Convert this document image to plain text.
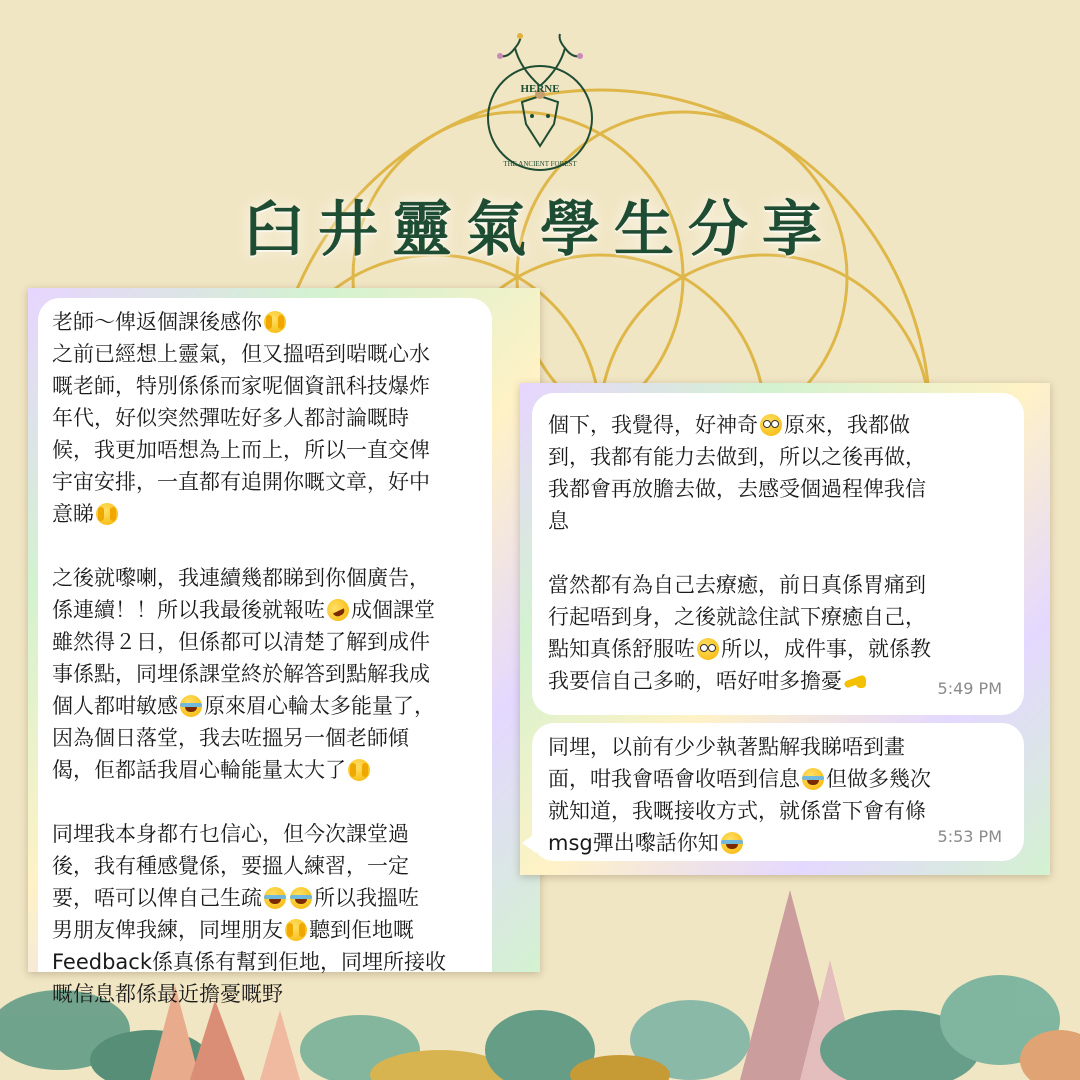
HERNE
THE ANCIENT FOREST
臼井靈氣學生分享
老師～俾返個課後感你
之前已經想上靈氣，但又搵唔到啱嘅心水
嘅老師，特別係係而家呢個資訊科技爆炸
年代，好似突然彈咗好多人都討論嘅時
候，我更加唔想為上而上，所以一直交俾
宇宙安排，一直都有追開你嘅文章，好中
意睇
之後就嚟喇，我連續幾都睇到你個廣告，
係連續！！所以我最後就報咗 成個課堂
雖然得２日，但係都可以清楚了解到成件
事係點，同埋係課堂終於解答到點解我成
個人都咁敏感 原來眉心輪太多能量了，
因為個日落堂，我去咗搵另一個老師傾
偈，佢都話我眉心輪能量太大了
同埋我本身都冇乜信心，但今次課堂過
後，我有種感覺係，要搵人練習，一定
要，唔可以俾自己生疏 所以我搵咗
男朋友俾我練，同埋朋友 聽到佢地嘅
Feedback係真係有幫到佢地，同埋所接收
嘅信息都係最近擔憂嘅野
個下，我覺得，好神奇 原來，我都做
到，我都有能力去做到，所以之後再做，
我都會再放膽去做，去感受個過程俾我信
息
當然都有為自己去療癒，前日真係胃痛到
行起唔到身，之後就諗住試下療癒自己，
點知真係舒服咗 所以，成件事，就係教
我要信自己多啲，唔好咁多擔憂	5:49 PM
同埋，以前有少少執著點解我睇唔到畫
面，咁我會唔會收唔到信息 但做多幾次
就知道，我嘅接收方式，就係當下會有條
msg彈出嚟話你知	5:53 PM
